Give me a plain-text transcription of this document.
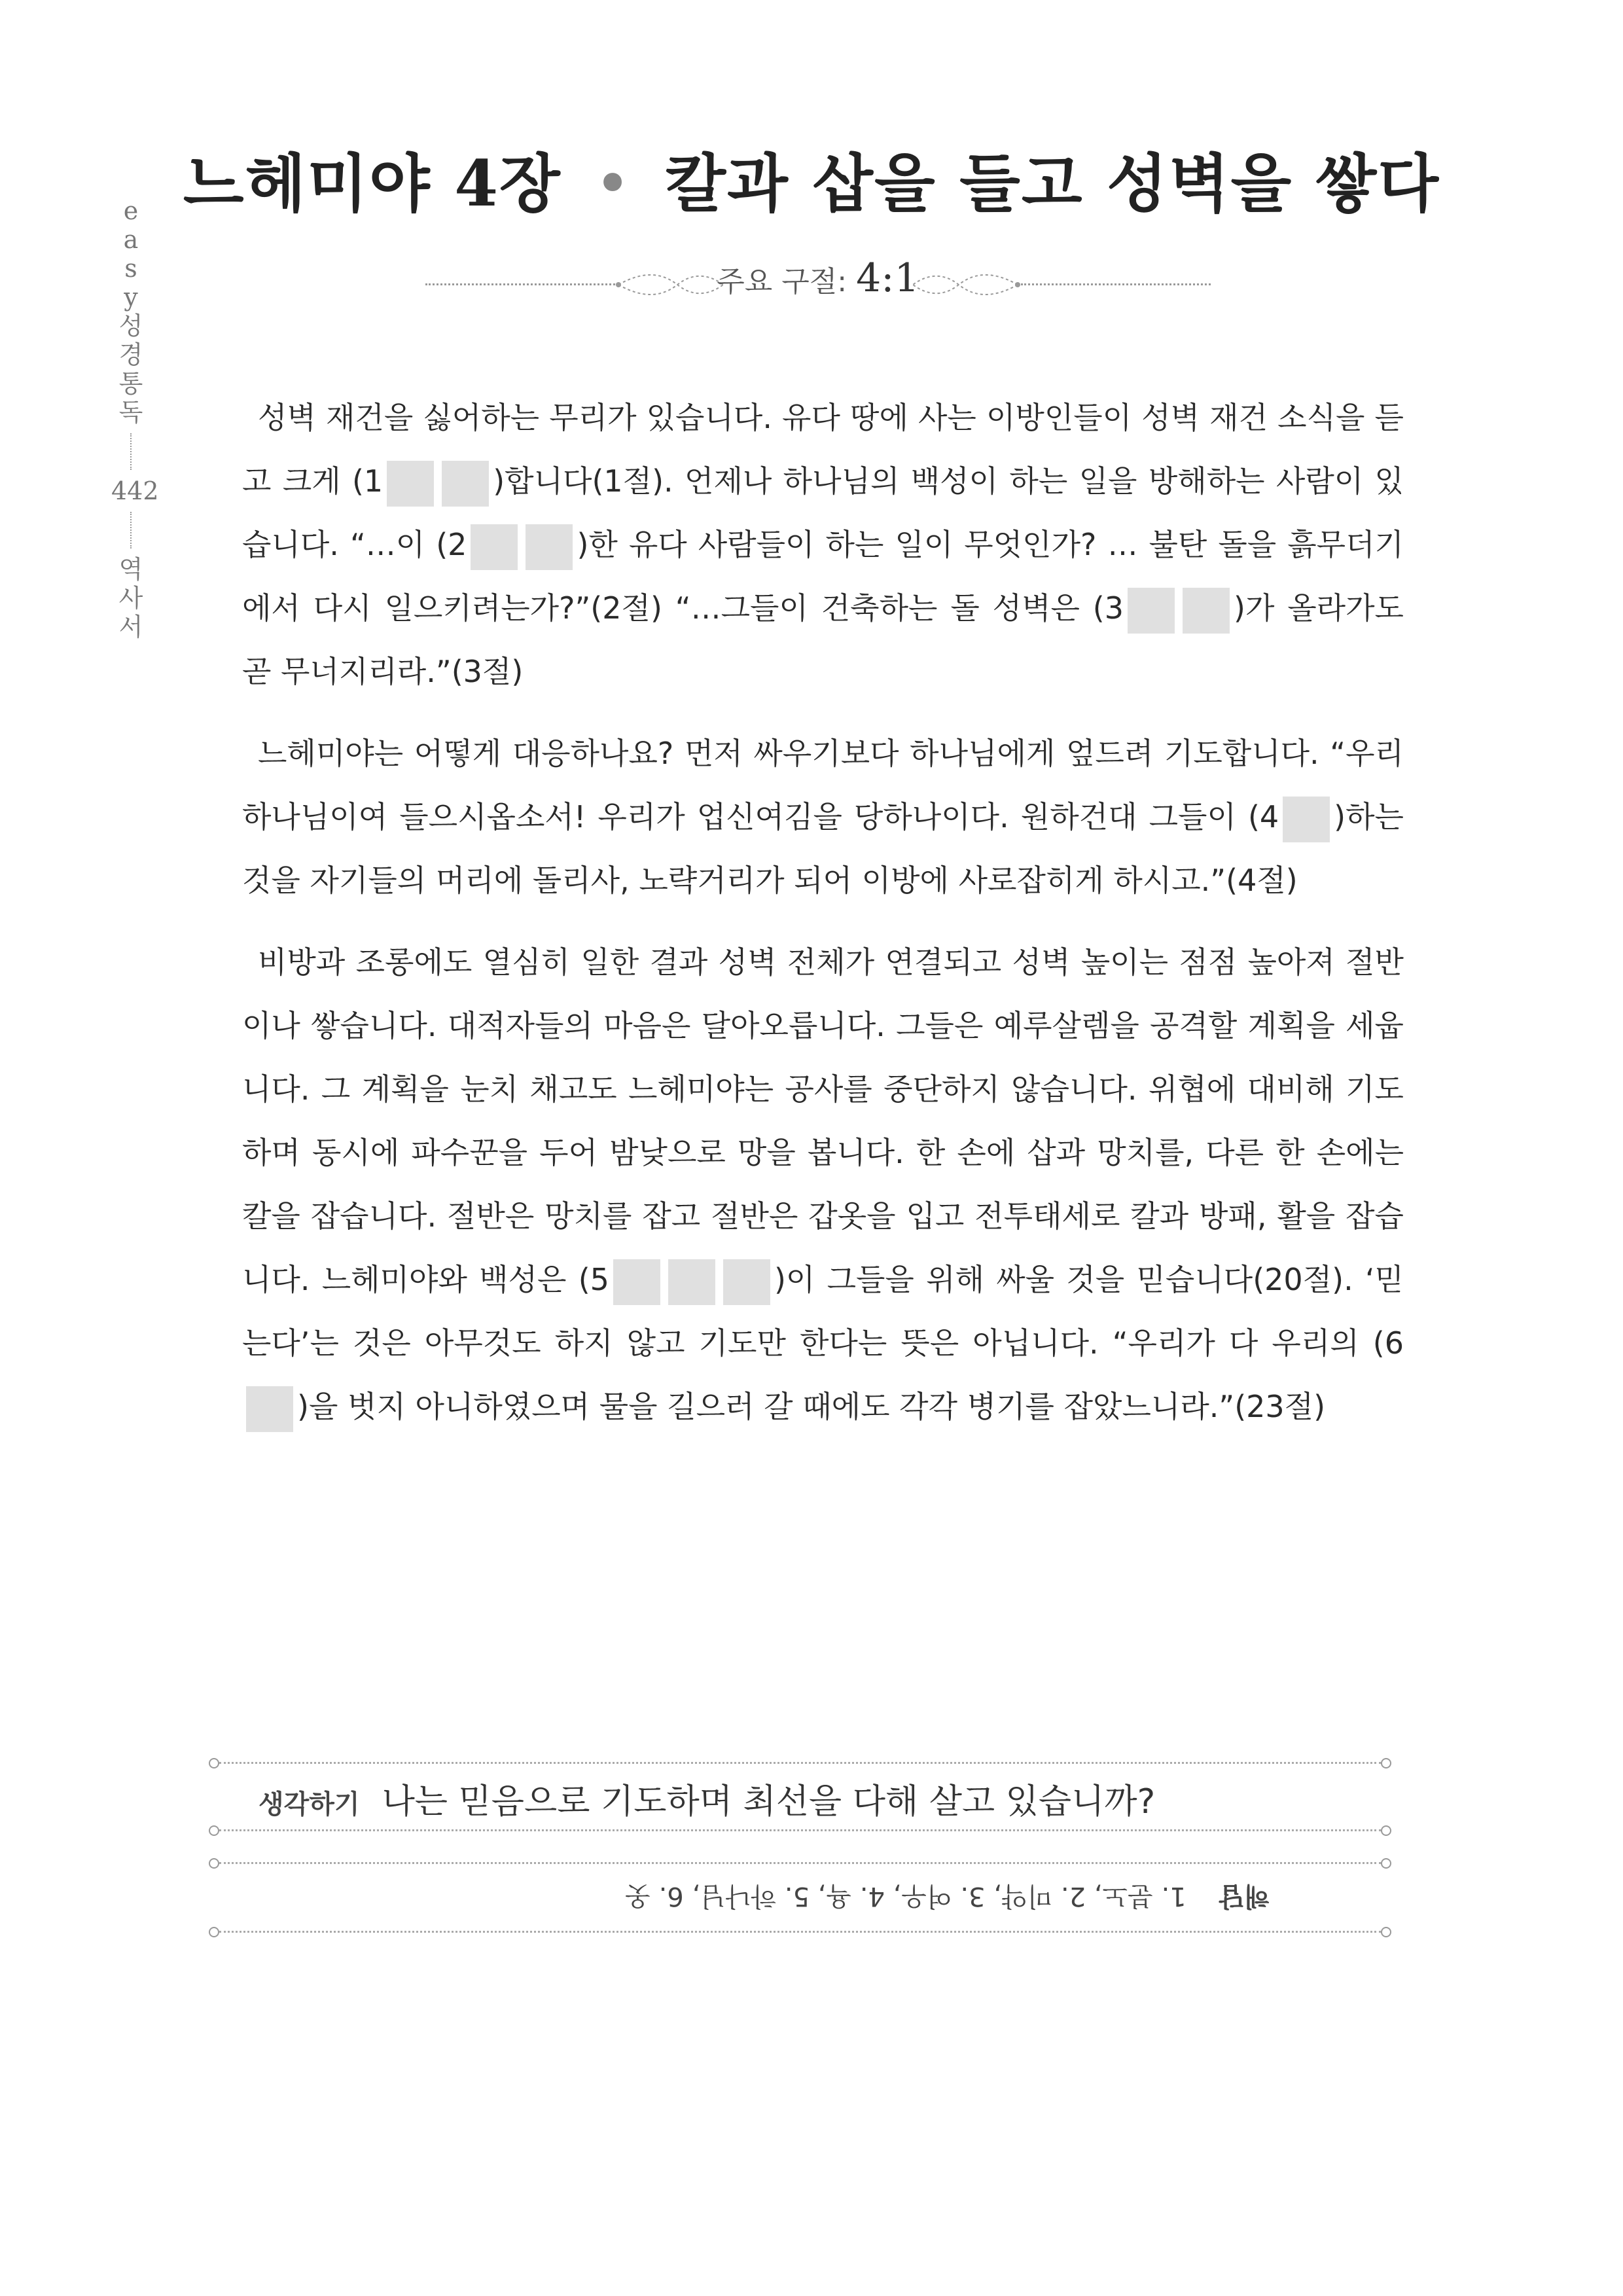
느헤미야 4장 • 칼과 삽을 들고 성벽을 쌓다
주요 구절: 4:1
e
a
s
y
성
경
통
독
442
역
사
서

성벽 재건을 싫어하는 무리가 있습니다. 유다 땅에 사는 이방인들이 성벽 재건 소식을 듣고 크게 (1	)합니다(1절). 언제나 하나님의 백성이 하는 일을 방해하는 사람이 있습니다. “…이 (2	)한 유다 사람들이 하는 일이 무엇인가? … 불탄 돌을 흙무더기에서 다시 일으키려는가?”(2절) “…그들이 건축하는 돌 성벽은 (3	)가 올라가도 곧 무너지리라.”(3절)

느헤미야는 어떻게 대응하나요? 먼저 싸우기보다 하나님에게 엎드려 기도합니다. “우리 하나님이여 들으시옵소서! 우리가 업신여김을 당하나이다. 원하건대 그들이 (4 )하는 것을 자기들의 머리에 돌리사, 노략거리가 되어 이방에 사로잡히게 하시고.”(4절)

비방과 조롱에도 열심히 일한 결과 성벽 전체가 연결되고 성벽 높이는 점점 높아져 절반이나 쌓습니다. 대적자들의 마음은 달아오릅니다. 그들은 예루살렘을 공격할 계획을 세웁니다. 그 계획을 눈치 채고도 느헤미야는 공사를 중단하지 않습니다. 위협에 대비해 기도하며 동시에 파수꾼을 두어 밤낮으로 망을 봅니다. 한 손에 삽과 망치를, 다른 한 손에는 칼을 잡습니다. 절반은 망치를 잡고 절반은 갑옷을 입고 전투태세로 칼과 방패, 활을 잡습니다. 느헤미야와 백성은 (5	)이 그들을 위해 싸울 것을 믿습니다(20절). ‘믿는다’는 것은 아무것도 하지 않고 기도만 한다는 뜻은 아닙니다. “우리가 다 우리의 (6)을 벗지 아니하였으며 물을 길으러 갈 때에도 각각 병기를 잡았느니라.”(23절)

생각하기 나는 믿음으로 기도하며 최선을 다해 살고 있습니까?
해답1. 분노, 2. 미약, 3. 여우, 4. 욕, 5. 하나님, 6. 옷
